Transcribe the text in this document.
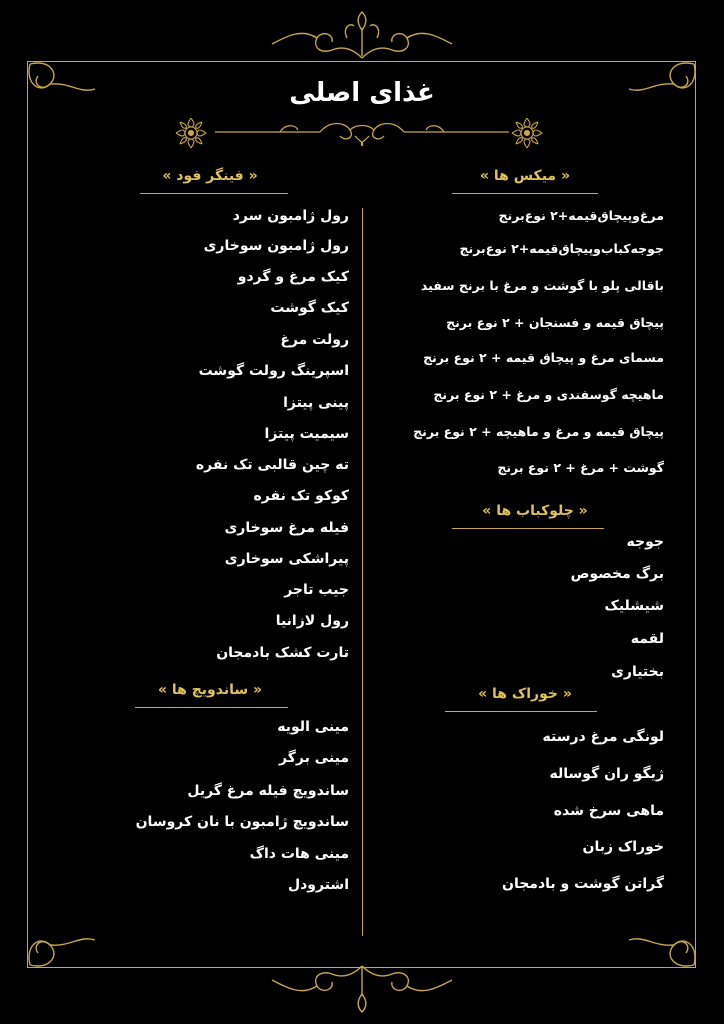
غذای اصلی
« فینگر فود »
رول ژامبون سرد
رول ژامبون سوخاری
کیک مرغ و گردو
کیک گوشت
رولت مرغ
اسپرینگ رولت گوشت
پینی پیتزا
سیمیت پیتزا
ته چین قالبی تک نفره
کوکو تک نفره
فیله مرغ سوخاری
پیراشکی سوخاری
جیب تاجر
رول لازانیا
تارت کشک بادمجان
« ساندویچ ها »
مینی الویه
مینی برگر
ساندویچ فیله مرغ گریل
ساندویچ ژامبون با نان کروسان
مینی هات داگ
اشترودل
« میکس ها »
مرغ‌وپیچاق‌قیمه+۲ نوع‌برنج
جوجه‌کباب‌وپیچاق‌قیمه+۲ نوع‌برنج
باقالی پلو با گوشت و مرغ با برنج سفید
پیچاق قیمه و فسنجان + ۲ نوع برنج
مسمای مرغ و پیچاق قیمه + ۲ نوع برنج
ماهیچه گوسفندی و مرغ + ۲ نوع برنج
پیچاق قیمه و مرغ و ماهیچه + ۲ نوع برنج
گوشت + مرغ + ۲ نوع برنج
« چلوکباب ها »
جوجه
برگ مخصوص
شیشلیک
لقمه
بختیاری
« خوراک ها »
لونگی مرغ درسته
ژیگو ران گوساله
ماهی سرخ شده
خوراک زبان
گراتن گوشت و بادمجان
